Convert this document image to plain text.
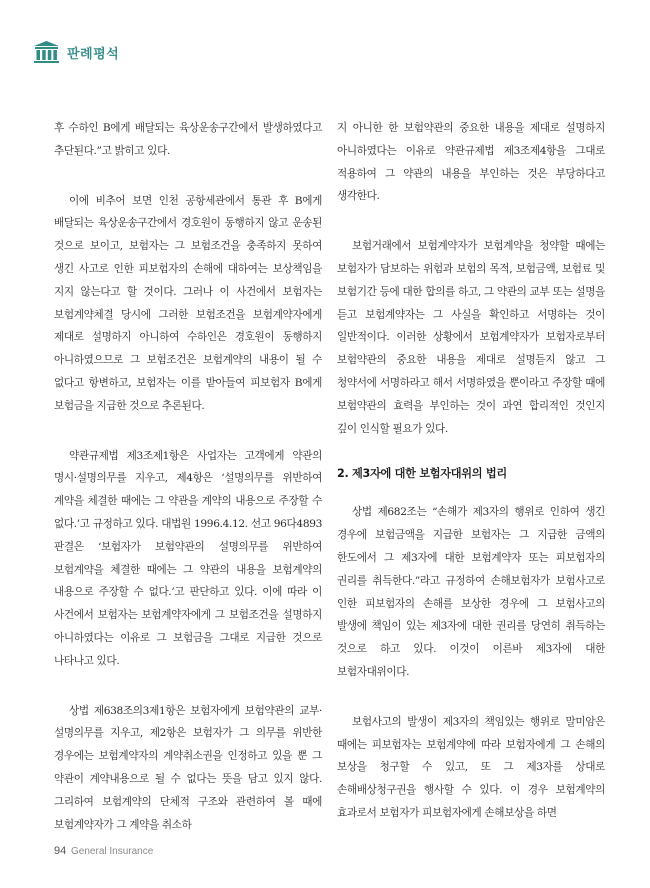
판례평석

후 수하인 B에게 배달되는 육상운송구간에서 발생하였다고 추단된다.”고 밝히고 있다.

이에 비추어 보면 인천 공항세관에서 통관 후 B에게 배달되는 육상운송구간에서 경호원이 동행하지 않고 운송된 것으로 보이고, 보험자는 그 보험조건을 충족하지 못하여 생긴 사고로 인한 피보험자의 손해에 대하여는 보상책임을 지지 않는다고 할 것이다. 그러나 이 사건에서 보험자는 보험계약체결 당시에 그러한 보험조건을 보험계약자에게 제대로 설명하지 아니하여 수하인은 경호원이 동행하지 아니하였으므로 그 보험조건은 보험계약의 내용이 될 수 없다고 항변하고, 보험자는 이를 받아들여 피보험자 B에게 보험금을 지급한 것으로 추론된다.

약관규제법 제3조제1항은 사업자는 고객에게 약관의 명시·설명의무를 지우고, 제4항은 ‘설명의무를 위반하여 계약을 체결한 때에는 그 약관을 계약의 내용으로 주장할 수 없다.’고 규정하고 있다. 대법원 1996.4.12. 선고 96다4893 판결은 ‘보험자가 보험약관의 설명의무를 위반하여 보험계약을 체결한 때에는 그 약관의 내용을 보험계약의 내용으로 주장할 수 없다.’고 판단하고 있다. 이에 따라 이 사건에서 보험자는 보험계약자에게 그 보험조건을 설명하지 아니하였다는 이유로 그 보험금을 그대로 지급한 것으로 나타나고 있다.

상법 제638조의3제1항은 보험자에게 보험약관의 교부·설명의무를 지우고, 제2항은 보험자가 그 의무를 위반한 경우에는 보험계약자의 계약취소권을 인정하고 있을 뿐 그 약관이 계약내용으로 될 수 없다는 뜻을 담고 있지 않다. 그리하여 보험계약의 단체적 구조와 관련하여 볼 때에 보험계약자가 그 계약을 취소하

지 아니한 한 보험약관의 중요한 내용을 제대로 설명하지 아니하였다는 이유로 약관규제법 제3조제4항을 그대로 적용하여 그 약관의 내용을 부인하는 것은 부당하다고 생각한다.

보험거래에서 보험계약자가 보험계약을 청약할 때에는 보험자가 담보하는 위험과 보험의 목적, 보험금액, 보험료 및 보험기간 등에 대한 합의를 하고, 그 약관의 교부 또는 설명을 듣고 보험계약자는 그 사실을 확인하고 서명하는 것이 일반적이다. 이러한 상황에서 보험계약자가 보험자로부터 보험약관의 중요한 내용을 제대로 설명듣지 않고 그 청약서에 서명하라고 해서 서명하였을 뿐이라고 주장할 때에 보험약관의 효력을 부인하는 것이 과연 합리적인 것인지 깊이 인식할 필요가 있다.

2. 제3자에 대한 보험자대위의 법리

상법 제682조는 “손해가 제3자의 행위로 인하여 생긴 경우에 보험금액을 지급한 보험자는 그 지급한 금액의 한도에서 그 제3자에 대한 보험계약자 또는 피보험자의 권리를 취득한다.”라고 규정하여 손해보험자가 보험사고로 인한 피보험자의 손해를 보상한 경우에 그 보험사고의 발생에 책임이 있는 제3자에 대한 권리를 당연히 취득하는 것으로 하고 있다. 이것이 이른바 제3자에 대한 보험자대위이다.

보험사고의 발생이 제3자의 책임있는 행위로 말미암은 때에는 피보험자는 보험계약에 따라 보험자에게 그 손해의 보상을 청구할 수 있고, 또 그 제3자를 상대로 손해배상청구권을 행사할 수 있다. 이 경우 보험계약의 효과로서 보험자가 피보험자에게 손해보상을 하면

94 General Insurance
